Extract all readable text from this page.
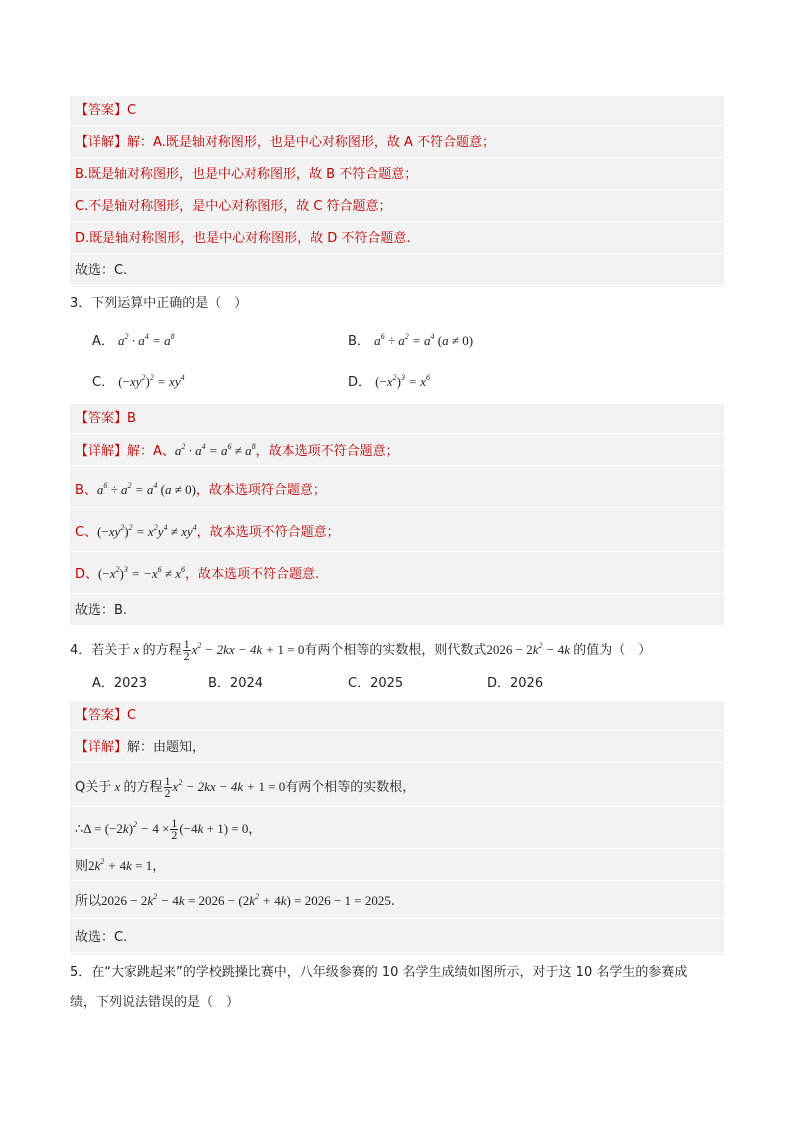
【答案】C
【详解】解：A.既是轴对称图形，也是中心对称图形，故 A 不符合题意；
B.既是轴对称图形，也是中心对称图形，故 B 不符合题意；
C.不是轴对称图形，是中心对称图形，故 C 符合题意；
D.既是轴对称图形，也是中心对称图形，故 D 不符合题意.
故选：C.
3．下列运算中正确的是（　）
A． $a^2 \cdot a^4 = a^8$	B． $a^6 \div a^2 = a^4$ (a ≠ 0)
C． $(-xy^2)^2 = xy^4$	D． $(-x^2)^3 = x^6$
【答案】B
【详解】解：A、$a^2 \cdot a^4 = a^6 \ne a^8$，故本选项不符合题意；
B、$a^6 \div a^2 = a^4$ (a ≠ 0)，故本选项符合题意；
C、$(-xy^2)^2 = x^2y^4 \ne xy^4$，故本选项不符合题意；
D、$(-x^2)^3 = -x^6 \ne x^6$，故本选项不符合题意.
故选：B.
4．若关于 x 的方程 $\frac{1}{2} x^2 - 2kx - 4k + 1 = 0$有两个相等的实数根，则代数式$2026 - 2k^2 - 4k$ 的值为（　）
A．2023	B．2024	C．2025	D．2026
【答案】C
【详解】解：由题知，
Q关于 x 的方程 $\frac{1}{2} x^2 - 2kx - 4k + 1 = 0$有两个相等的实数根，
∴Δ = $(-2k)^2 - 4 \times \frac{1}{2} (-4k + 1) = 0$，
则$2k^2 + 4k = 1$，
所以$2026 - 2k^2 - 4k = 2026 - (2k^2 + 4k) = 2026 - 1 = 2025$.
故选：C.
5．在“大家跳起来”的学校跳操比赛中，八年级参赛的 10 名学生成绩如图所示，对于这 10 名学生的参赛成
绩，下列说法错误的是（　）
